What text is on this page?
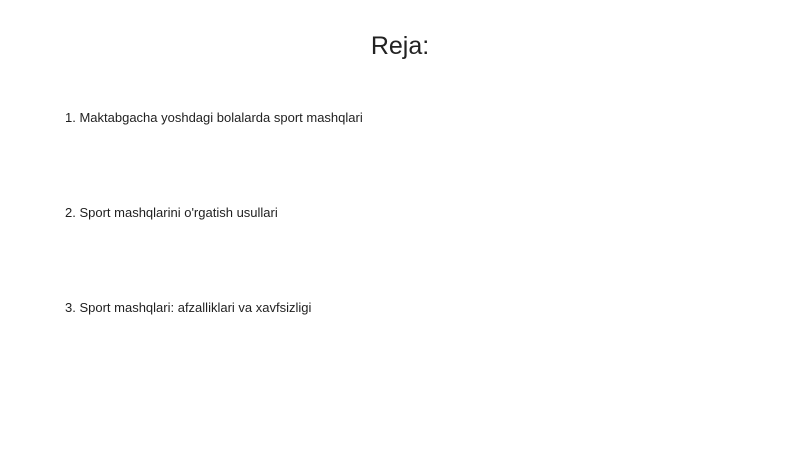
Reja:
1. Maktabgacha yoshdagi bolalarda sport mashqlari
2. Sport mashqlarini o'rgatish usullari
3. Sport mashqlari: afzalliklari va xavfsizligi
